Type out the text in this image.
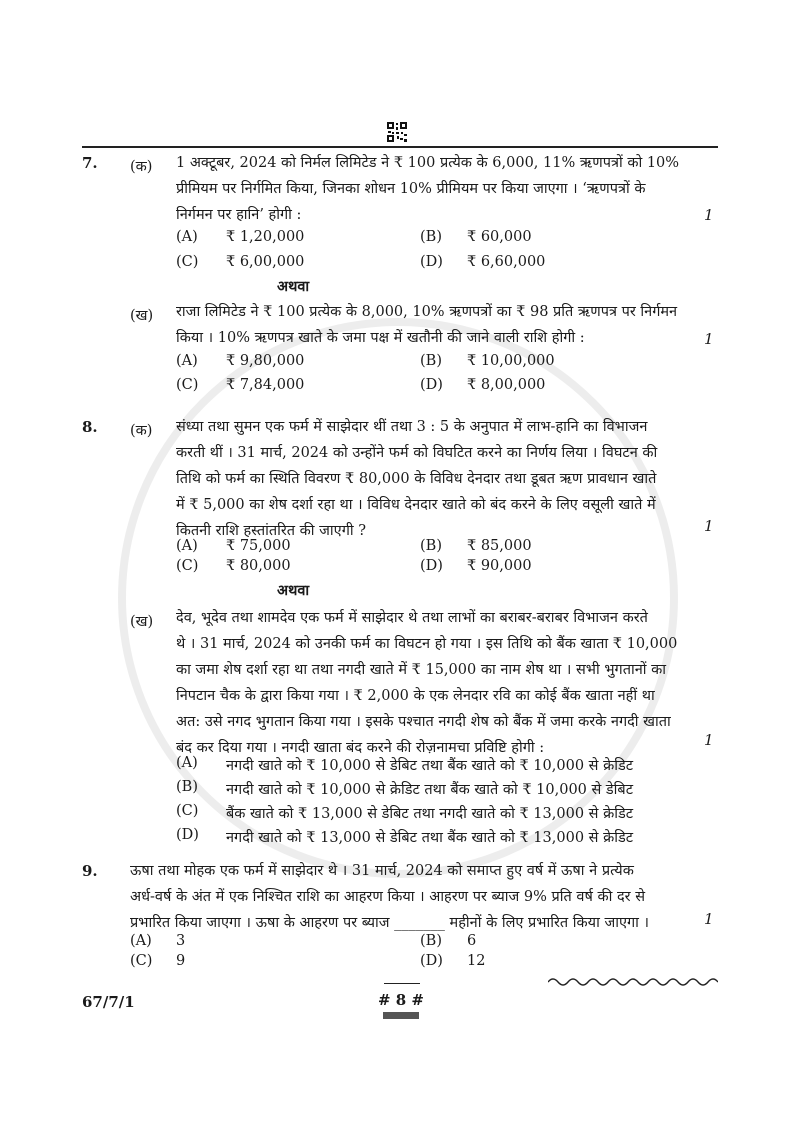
7. (क) 1 अक्टूबर, 2024 को निर्मल लिमिटेड ने ₹ 100 प्रत्येक के 6,000, 11% ऋणपत्रों को 10%
प्रीमियम पर निर्गमित किया, जिनका शोधन 10% प्रीमियम पर किया जाएगा । ‘ऋणपत्रों के
निर्गमन पर हानि’ होगी :	1
(A) ₹ 1,20,000	(B) ₹ 60,000
(C) ₹ 6,00,000	(D) ₹ 6,60,000
अथवा
(ख) राजा लिमिटेड ने ₹ 100 प्रत्येक के 8,000, 10% ऋणपत्रों का ₹ 98 प्रति ऋणपत्र पर निर्गमन
किया । 10% ऋणपत्र खाते के जमा पक्ष में खतौनी की जाने वाली राशि होगी :	1
(A) ₹ 9,80,000	(B) ₹ 10,00,000
(C) ₹ 7,84,000	(D) ₹ 8,00,000
8. (क) संध्या तथा सुमन एक फर्म में साझेदार थीं तथा 3 : 5 के अनुपात में लाभ-हानि का विभाजन
करती थीं । 31 मार्च, 2024 को उन्होंने फर्म को विघटित करने का निर्णय लिया । विघटन की
तिथि को फर्म का स्थिति विवरण ₹ 80,000 के विविध देनदार तथा डूबत ऋण प्रावधान खाते
में ₹ 5,000 का शेष दर्शा रहा था । विविध देनदार खाते को बंद करने के लिए वसूली खाते में
कितनी राशि हस्तांतरित की जाएगी ?	1
(A) ₹ 75,000	(B) ₹ 85,000
(C) ₹ 80,000	(D) ₹ 90,000
अथवा
(ख) देव, भूदेव तथा शामदेव एक फर्म में साझेदार थे तथा लाभों का बराबर-बराबर विभाजन करते
थे । 31 मार्च, 2024 को उनकी फर्म का विघटन हो गया । इस तिथि को बैंक खाता ₹ 10,000
का जमा शेष दर्शा रहा था तथा नगदी खाते में ₹ 15,000 का नाम शेष था । सभी भुगतानों का
निपटान चैक के द्वारा किया गया । ₹ 2,000 के एक लेनदार रवि का कोई बैंक खाता नहीं था
अत: उसे नगद भुगतान किया गया । इसके पश्चात नगदी शेष को बैंक में जमा करके नगदी खाता
बंद कर दिया गया । नगदी खाता बंद करने की रोज़नामचा प्रविष्टि होगी :	1
(A) नगदी खाते को ₹ 10,000 से डेबिट तथा बैंक खाते को ₹ 10,000 से क्रेडिट
(B) नगदी खाते को ₹ 10,000 से क्रेडिट तथा बैंक खाते को ₹ 10,000 से डेबिट
(C) बैंक खाते को ₹ 13,000 से डेबिट तथा नगदी खाते को ₹ 13,000 से क्रेडिट
(D) नगदी खाते को ₹ 13,000 से डेबिट तथा बैंक खाते को ₹ 13,000 से क्रेडिट
9. ऊषा तथा मोहक एक फर्म में साझेदार थे । 31 मार्च, 2024 को समाप्त हुए वर्ष में ऊषा ने प्रत्येक
अर्ध-वर्ष के अंत में एक निश्चित राशि का आहरण किया । आहरण पर ब्याज 9% प्रति वर्ष की दर से
प्रभारित किया जाएगा । ऊषा के आहरण पर ब्याज _______ महीनों के लिए प्रभारित किया जाएगा ।	1
(A) 3	(B) 6
(C) 9	(D) 12
67/7/1	# 8 #
